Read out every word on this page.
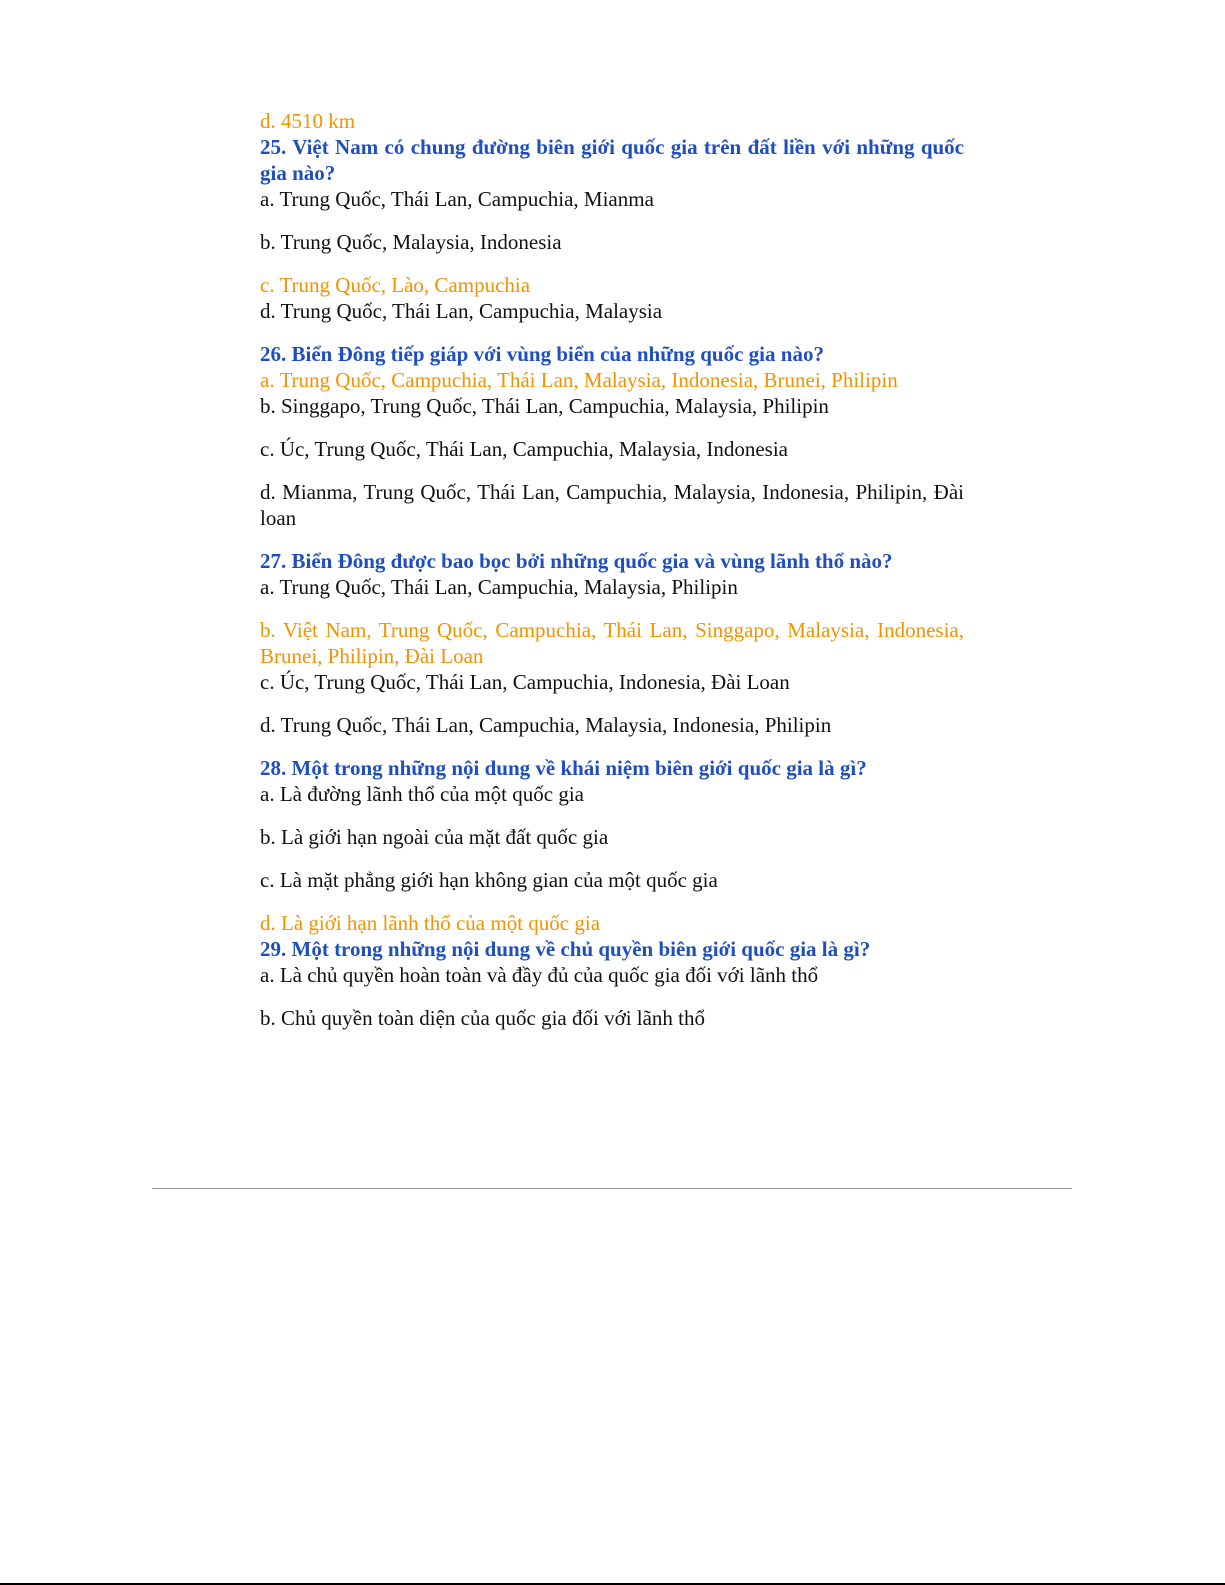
d. 4510 km

25. Việt Nam có chung đường biên giới quốc gia trên đất liền với những quốc gia nào?

a. Trung Quốc, Thái Lan, Campuchia, Mianma

b. Trung Quốc, Malaysia, Indonesia

c. Trung Quốc, Lào, Campuchia

d. Trung Quốc, Thái Lan, Campuchia, Malaysia

26. Biển Đông tiếp giáp với vùng biển của những quốc gia nào?

a. Trung Quốc, Campuchia, Thái Lan, Malaysia, Indonesia, Brunei, Philipin

b. Singgapo, Trung Quốc, Thái Lan, Campuchia, Malaysia, Philipin

c. Úc, Trung Quốc, Thái Lan, Campuchia, Malaysia, Indonesia

d. Mianma, Trung Quốc, Thái Lan, Campuchia, Malaysia, Indonesia, Philipin, Đài loan

27. Biển Đông được bao bọc bởi những quốc gia và vùng lãnh thổ nào?

a. Trung Quốc, Thái Lan, Campuchia, Malaysia, Philipin

b. Việt Nam, Trung Quốc, Campuchia, Thái Lan, Singgapo, Malaysia, Indonesia, Brunei, Philipin, Đài Loan

c. Úc, Trung Quốc, Thái Lan, Campuchia, Indonesia, Đài Loan

d. Trung Quốc, Thái Lan, Campuchia, Malaysia, Indonesia, Philipin

28. Một trong những nội dung về khái niệm biên giới quốc gia là gì?

a. Là đường lãnh thổ của một quốc gia

b. Là giới hạn ngoài của mặt đất quốc gia

c. Là mặt phẳng giới hạn không gian của một quốc gia

d. Là giới hạn lãnh thổ của một quốc gia

29. Một trong những nội dung về chủ quyền biên giới quốc gia là gì?

a. Là chủ quyền hoàn toàn và đầy đủ của quốc gia đối với lãnh thổ

b. Chủ quyền toàn diện của quốc gia đối với lãnh thổ
